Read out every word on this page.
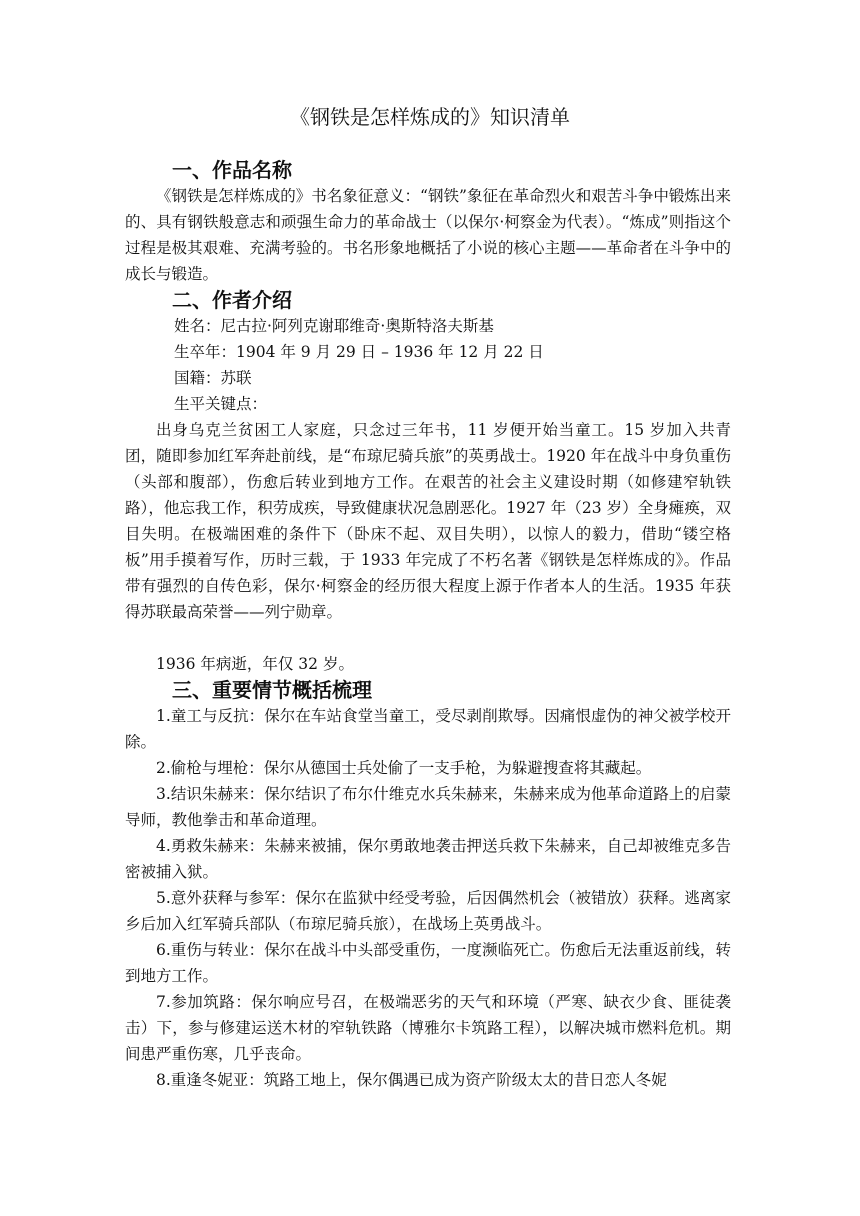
《钢铁是怎样炼成的》知识清单
一、作品名称

《钢铁是怎样炼成的》书名象征意义：“钢铁”象征在革命烈火和艰苦斗争中锻炼出来的、具有钢铁般意志和顽强生命力的革命战士（以保尔·柯察金为代表）。“炼成”则指这个过程是极其艰难、充满考验的。书名形象地概括了小说的核心主题——革命者在斗争中的成长与锻造。

二、作者介绍

姓名：尼古拉·阿列克谢耶维奇·奥斯特洛夫斯基

生卒年：1904 年 9 月 29 日 – 1936 年 12 月 22 日

国籍：苏联

生平关键点：

出身乌克兰贫困工人家庭，只念过三年书，11 岁便开始当童工。15 岁加入共青团，随即参加红军奔赴前线，是“布琼尼骑兵旅”的英勇战士。1920 年在战斗中身负重伤（头部和腹部），伤愈后转业到地方工作。在艰苦的社会主义建设时期（如修建窄轨铁路），他忘我工作，积劳成疾，导致健康状况急剧恶化。1927 年（23 岁）全身瘫痪，双目失明。在极端困难的条件下（卧床不起、双目失明），以惊人的毅力，借助“镂空格板”用手摸着写作，历时三载，于 1933 年完成了不朽名著《钢铁是怎样炼成的》。作品带有强烈的自传色彩，保尔·柯察金的经历很大程度上源于作者本人的生活。1935 年获得苏联最高荣誉——列宁勋章。

1936 年病逝，年仅 32 岁。

三、重要情节概括梳理

1.童工与反抗：保尔在车站食堂当童工，受尽剥削欺辱。因痛恨虚伪的神父被学校开除。

2.偷枪与埋枪：保尔从德国士兵处偷了一支手枪，为躲避搜查将其藏起。

3.结识朱赫来：保尔结识了布尔什维克水兵朱赫来，朱赫来成为他革命道路上的启蒙导师，教他拳击和革命道理。

4.勇救朱赫来：朱赫来被捕，保尔勇敢地袭击押送兵救下朱赫来，自己却被维克多告密被捕入狱。

5.意外获释与参军：保尔在监狱中经受考验，后因偶然机会（被错放）获释。逃离家乡后加入红军骑兵部队（布琼尼骑兵旅），在战场上英勇战斗。

6.重伤与转业：保尔在战斗中头部受重伤，一度濒临死亡。伤愈后无法重返前线，转到地方工作。

7.参加筑路：保尔响应号召，在极端恶劣的天气和环境（严寒、缺衣少食、匪徒袭击）下，参与修建运送木材的窄轨铁路（博雅尔卡筑路工程），以解决城市燃料危机。期间患严重伤寒，几乎丧命。

8.重逢冬妮亚：筑路工地上，保尔偶遇已成为资产阶级太太的昔日恋人冬妮
